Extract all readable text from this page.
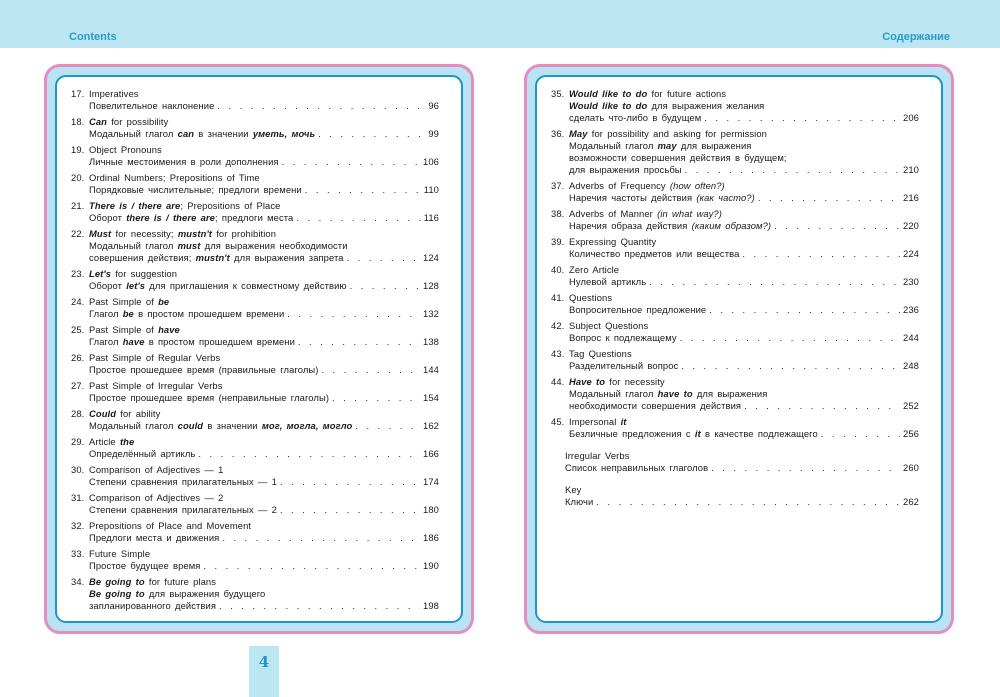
Contents	Содержание
17. Imperatives
Повелительное наклонение . . .	96
18. Can for possibility
Модальный глагол can в значении уметь, мочь . . .	99
19. Object Pronouns
Личные местоимения в роли дополнения . . .	106
20. Ordinal Numbers; Prepositions of Time
Порядковые числительные; предлоги времени . . .	110
21. There is / there are; Prepositions of Place
Оборот there is / there are; предлоги места . . .	116
22. Must for necessity; mustn't for prohibition
Модальный глагол must для выражения необходимости
совершения действия; mustn't для выражения запрета . . .	124
23. Let's for suggestion
Оборот let's для приглашения к совместному действию . . .	128
24. Past Simple of be
Глагол be в простом прошедшем времени . . .	132
25. Past Simple of have
Глагол have в простом прошедшем времени . . .	138
26. Past Simple of Regular Verbs
Простое прошедшее время (правильные глаголы) . . .	144
27. Past Simple of Irregular Verbs
Простое прошедшее время (неправильные глаголы) . . .	154
28. Could for ability
Модальный глагол could в значении мог, могла, могло . . .	162
29. Article the
Определённый артикль . . .	166
30. Comparison of Adjectives — 1
Степени сравнения прилагательных — 1 . . .	174
31. Comparison of Adjectives — 2
Степени сравнения прилагательных — 2 . . .	180
32. Prepositions of Place and Movement
Предлоги места и движения . . .	186
33. Future Simple
Простое будущее время . . .	190
34. Be going to for future plans
Be going to для выражения будущего
запланированного действия . . .	198
35. Would like to do for future actions
Would like to do для выражения желания
сделать что-либо в будущем . . .	206
36. May for possibility and asking for permission
Модальный глагол may для выражения
возможности совершения действия в будущем;
для выражения просьбы . . .	210
37. Adverbs of Frequency (how often?)
Наречия частоты действия (как часто?) . . .	216
38. Adverbs of Manner (in what way?)
Наречия образа действия (каким образом?) . . .	220
39. Expressing Quantity
Количество предметов или вещества . . .	224
40. Zero Article
Нулевой артикль . . .	230
41. Questions
Вопросительное предложение . . .	236
42. Subject Questions
Вопрос к подлежащему . . .	244
43. Tag Questions
Разделительный вопрос . . .	248
44. Have to for necessity
Модальный глагол have to для выражения
необходимости совершения действия . . .	252
45. Impersonal it
Безличные предложения с it в качестве подлежащего . . .	256
Irregular Verbs
Список неправильных глаголов . . .	260
Key
Ключи . . .	262
4
